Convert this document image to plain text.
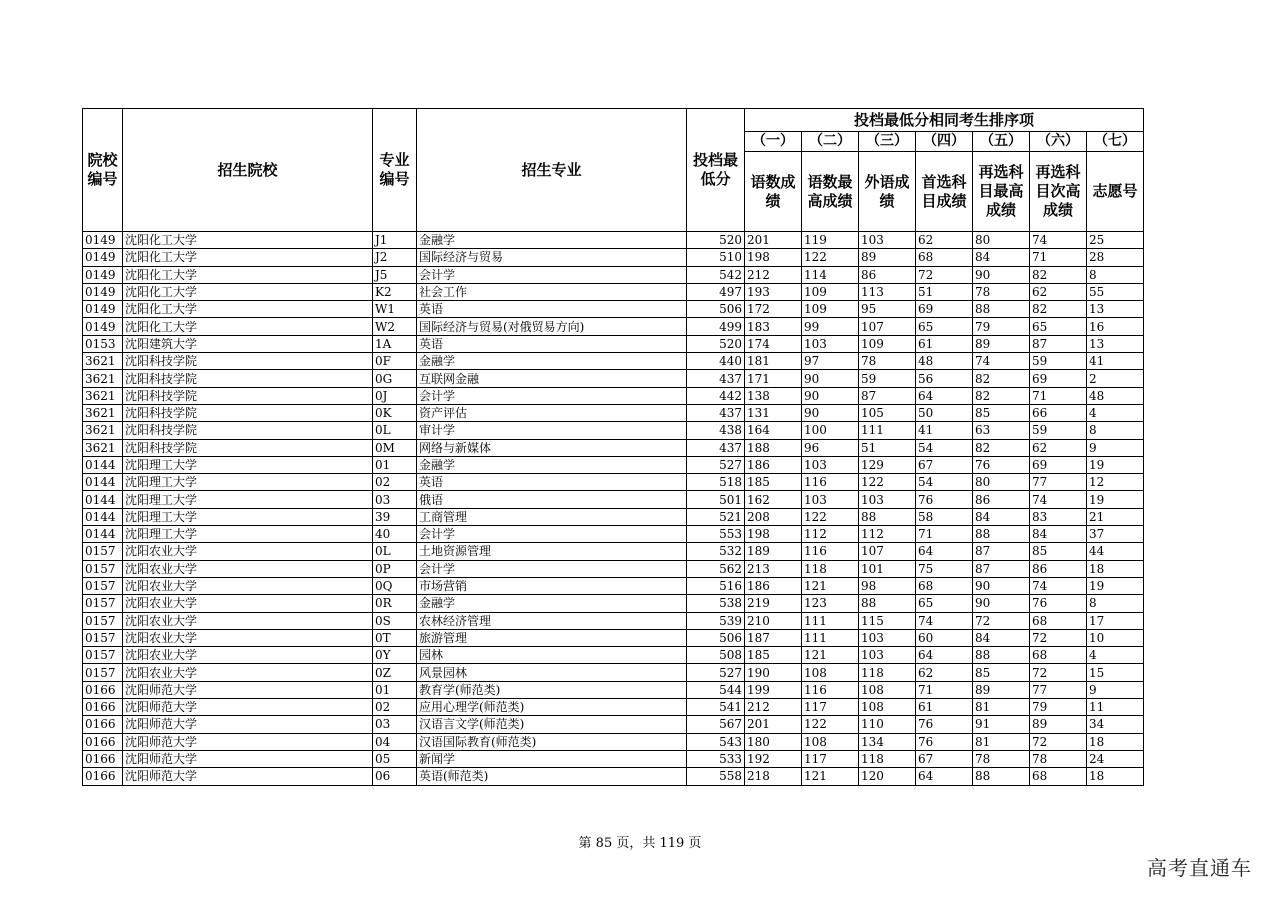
院校编号	招生院校	专业编号	招生专业	投档最低分	投档最低分相同考生排序项						
					（一）	（二）	（三）	（四）	（五）	（六）	（七）
					语数成绩	语数最高成绩	外语成绩	首选科目成绩	再选科目最高成绩	再选科目次高成绩	志愿号
0149	沈阳化工大学	J1	金融学	520	201	119	103	62	80	74	25
0149	沈阳化工大学	J2	国际经济与贸易	510	198	122	89	68	84	71	28
0149	沈阳化工大学	J5	会计学	542	212	114	86	72	90	82	8
0149	沈阳化工大学	K2	社会工作	497	193	109	113	51	78	62	55
0149	沈阳化工大学	W1	英语	506	172	109	95	69	88	82	13
0149	沈阳化工大学	W2	国际经济与贸易(对俄贸易方向)	499	183	99	107	65	79	65	16
0153	沈阳建筑大学	1A	英语	520	174	103	109	61	89	87	13
3621	沈阳科技学院	0F	金融学	440	181	97	78	48	74	59	41
3621	沈阳科技学院	0G	互联网金融	437	171	90	59	56	82	69	2
3621	沈阳科技学院	0J	会计学	442	138	90	87	64	82	71	48
3621	沈阳科技学院	0K	资产评估	437	131	90	105	50	85	66	4
3621	沈阳科技学院	0L	审计学	438	164	100	111	41	63	59	8
3621	沈阳科技学院	0M	网络与新媒体	437	188	96	51	54	82	62	9
0144	沈阳理工大学	01	金融学	527	186	103	129	67	76	69	19
0144	沈阳理工大学	02	英语	518	185	116	122	54	80	77	12
0144	沈阳理工大学	03	俄语	501	162	103	103	76	86	74	19
0144	沈阳理工大学	39	工商管理	521	208	122	88	58	84	83	21
0144	沈阳理工大学	40	会计学	553	198	112	112	71	88	84	37
0157	沈阳农业大学	0L	土地资源管理	532	189	116	107	64	87	85	44
0157	沈阳农业大学	0P	会计学	562	213	118	101	75	87	86	18
0157	沈阳农业大学	0Q	市场营销	516	186	121	98	68	90	74	19
0157	沈阳农业大学	0R	金融学	538	219	123	88	65	90	76	8
0157	沈阳农业大学	0S	农林经济管理	539	210	111	115	74	72	68	17
0157	沈阳农业大学	0T	旅游管理	506	187	111	103	60	84	72	10
0157	沈阳农业大学	0Y	园林	508	185	121	103	64	88	68	4
0157	沈阳农业大学	0Z	风景园林	527	190	108	118	62	85	72	15
0166	沈阳师范大学	01	教育学(师范类)	544	199	116	108	71	89	77	9
0166	沈阳师范大学	02	应用心理学(师范类)	541	212	117	108	61	81	79	11
0166	沈阳师范大学	03	汉语言文学(师范类)	567	201	122	110	76	91	89	34
0166	沈阳师范大学	04	汉语国际教育(师范类)	543	180	108	134	76	81	72	18
0166	沈阳师范大学	05	新闻学	533	192	117	118	67	78	78	24
0166	沈阳师范大学	06	英语(师范类)	558	218	121	120	64	88	68	18
第 85 页，共 119 页
高考直通车
